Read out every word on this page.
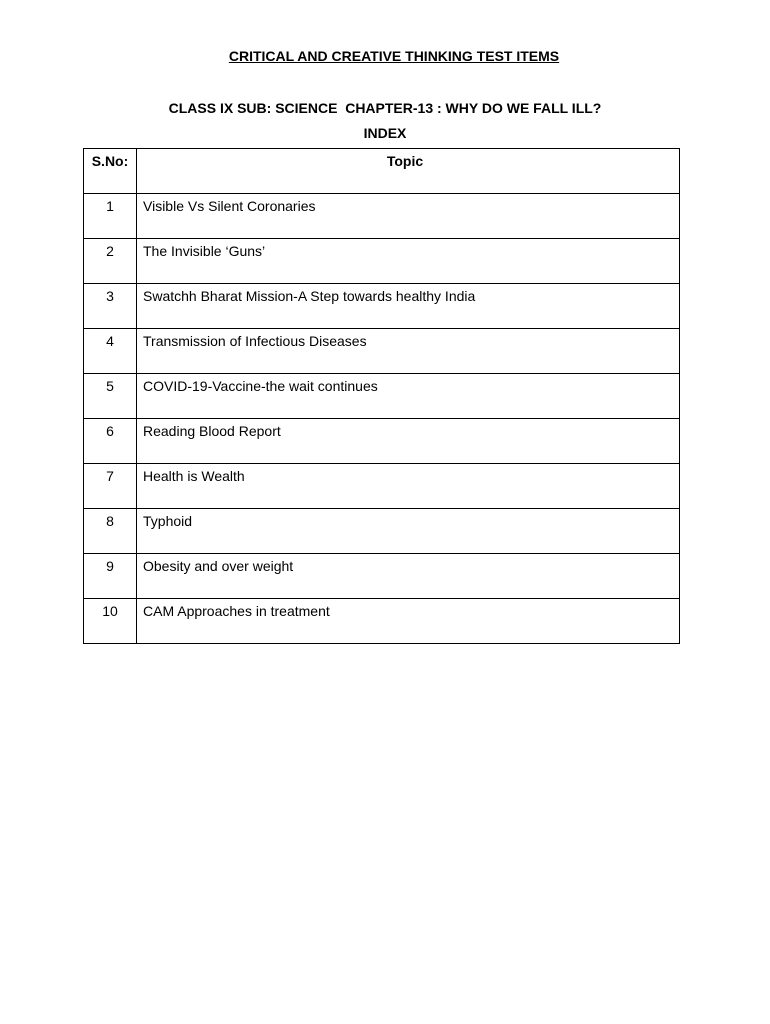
CRITICAL AND CREATIVE THINKING TEST ITEMS
CLASS IX SUB: SCIENCE  CHAPTER-13 : WHY DO WE FALL ILL?
INDEX
S.No:	Topic

1	Visible Vs Silent Coronaries

2	The Invisible ‘Guns’

3	Swatchh Bharat Mission-A Step towards healthy India

4	Transmission of Infectious Diseases

5	COVID-19-Vaccine-the wait continues

6	Reading Blood Report

7	Health is Wealth

8	Typhoid

9	Obesity and over weight

10	CAM Approaches in treatment
